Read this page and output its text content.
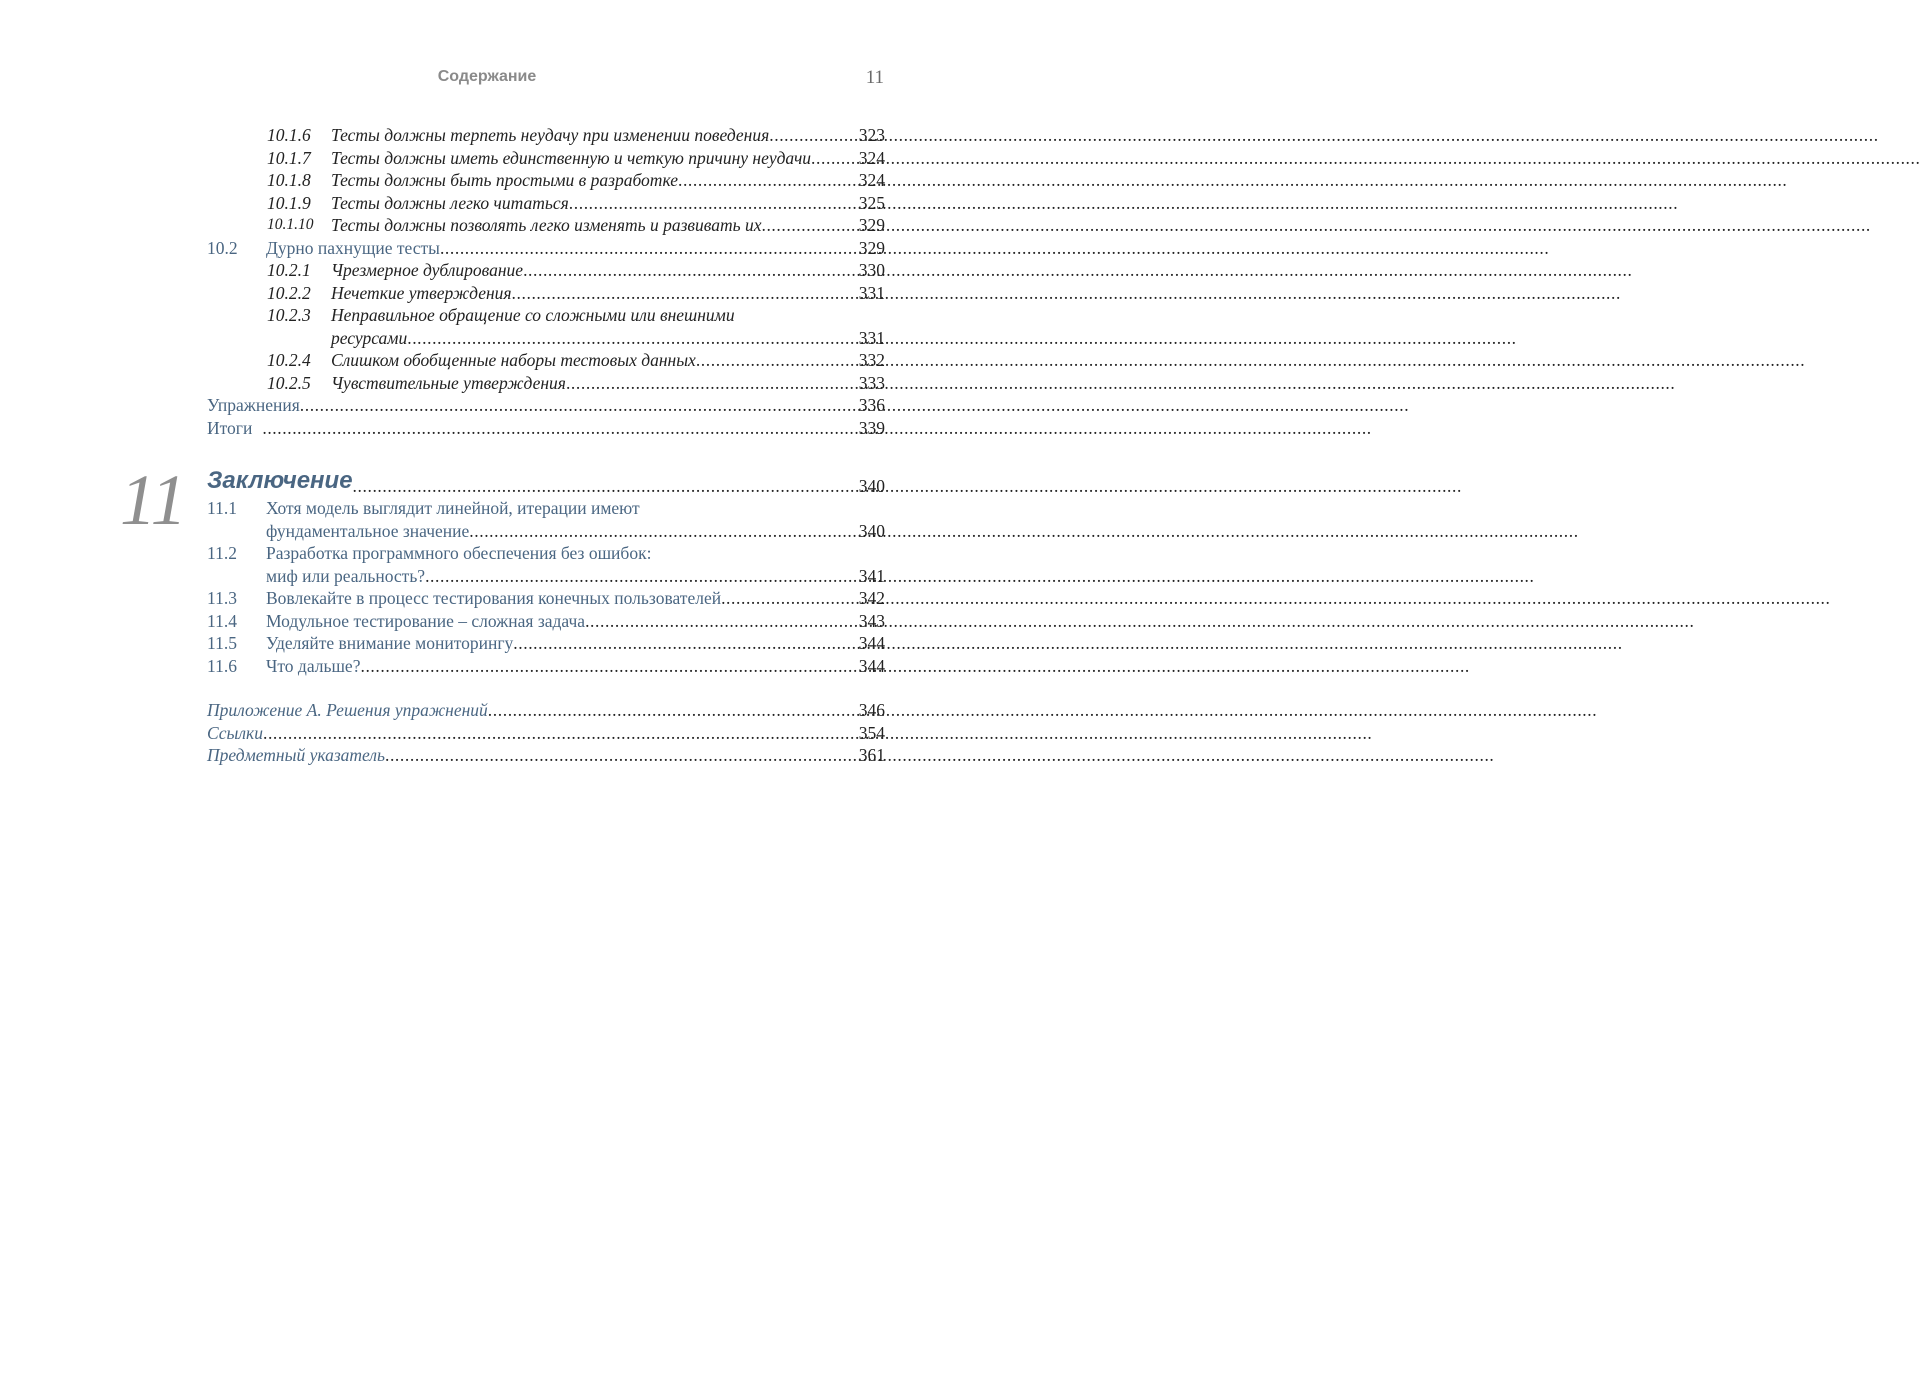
Содержание	11
11
10.1.6	Тесты должны терпеть неудачу при изменении поведения .....	323
10.1.7	Тесты должны иметь единственную и четкую причину неудачи .....	324
10.1.8	Тесты должны быть простыми в разработке .....	324
10.1.9	Тесты должны легко читаться .....	325
10.1.10	Тесты должны позволять легко изменять и развивать их .....	329
10.2	Дурно пахнущие тесты .....	329
10.2.1	Чрезмерное дублирование .....	330
10.2.2	Нечеткие утверждения .....	331
10.2.3	Неправильное обращение со сложными или внешними
ресурсами .....	331
10.2.4	Слишком обобщенные наборы тестовых данных .....	332
10.2.5	Чувствительные утверждения .....	333
Упражнения .....	336
Итоги .....	339
Заключение .....	340
11.1	Хотя модель выглядит линейной, итерации имеют
фундаментальное значение .....	340
11.2	Разработка программного обеспечения без ошибок:
миф или реальность? .....	341
11.3	Вовлекайте в процесс тестирования конечных пользователей .....	342
11.4	Модульное тестирование – сложная задача .....	343
11.5	Уделяйте внимание мониторингу .....	344
11.6	Что дальше? .....	344
Приложение А. Решения упражнений .....	346
Ссылки .....	354
Предметный указатель .....	361
